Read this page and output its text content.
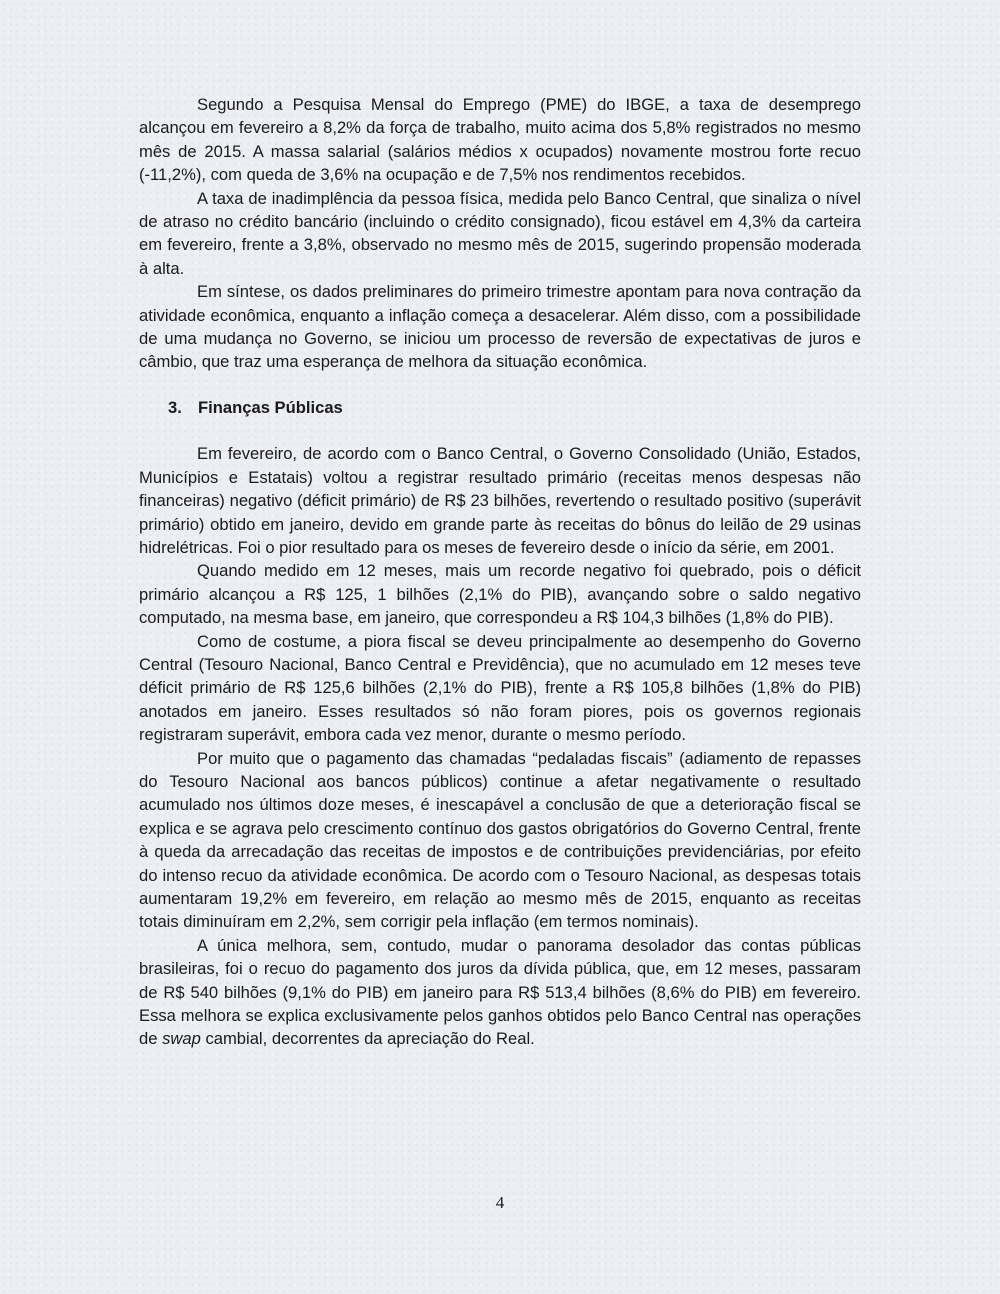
Segundo a Pesquisa Mensal do Emprego (PME) do IBGE, a taxa de desemprego alcançou em fevereiro a 8,2% da força de trabalho, muito acima dos 5,8% registrados no mesmo mês de 2015. A massa salarial (salários médios x ocupados) novamente mostrou forte recuo (-11,2%), com queda de 3,6% na ocupação e de 7,5% nos rendimentos recebidos.

A taxa de inadimplência da pessoa física, medida pelo Banco Central, que sinaliza o nível de atraso no crédito bancário (incluindo o crédito consignado), ficou estável em 4,3% da carteira em fevereiro, frente a 3,8%, observado no mesmo mês de 2015, sugerindo propensão moderada à alta.

Em síntese, os dados preliminares do primeiro trimestre apontam para nova contração da atividade econômica, enquanto a inflação começa a desacelerar. Além disso, com a possibilidade de uma mudança no Governo, se iniciou um processo de reversão de expectativas de juros e câmbio, que traz uma esperança de melhora da situação econômica.

3. Finanças Públicas

Em fevereiro, de acordo com o Banco Central, o Governo Consolidado (União, Estados, Municípios e Estatais) voltou a registrar resultado primário (receitas menos despesas não financeiras) negativo (déficit primário) de R$ 23 bilhões, revertendo o resultado positivo (superávit primário) obtido em janeiro, devido em grande parte às receitas do bônus do leilão de 29 usinas hidrelétricas. Foi o pior resultado para os meses de fevereiro desde o início da série, em 2001.

Quando medido em 12 meses, mais um recorde negativo foi quebrado, pois o déficit primário alcançou a R$ 125, 1 bilhões (2,1% do PIB), avançando sobre o saldo negativo computado, na mesma base, em janeiro, que correspondeu a R$ 104,3 bilhões (1,8% do PIB).

Como de costume, a piora fiscal se deveu principalmente ao desempenho do Governo Central (Tesouro Nacional, Banco Central e Previdência), que no acumulado em 12 meses teve déficit primário de R$ 125,6 bilhões (2,1% do PIB), frente a R$ 105,8 bilhões (1,8% do PIB) anotados em janeiro. Esses resultados só não foram piores, pois os governos regionais registraram superávit, embora cada vez menor, durante o mesmo período.

Por muito que o pagamento das chamadas “pedaladas fiscais” (adiamento de repasses do Tesouro Nacional aos bancos públicos) continue a afetar negativamente o resultado acumulado nos últimos doze meses, é inescapável a conclusão de que a deterioração fiscal se explica e se agrava pelo crescimento contínuo dos gastos obrigatórios do Governo Central, frente à queda da arrecadação das receitas de impostos e de contribuições previdenciárias, por efeito do intenso recuo da atividade econômica. De acordo com o Tesouro Nacional, as despesas totais aumentaram 19,2% em fevereiro, em relação ao mesmo mês de 2015, enquanto as receitas totais diminuíram em 2,2%, sem corrigir pela inflação (em termos nominais).

A única melhora, sem, contudo, mudar o panorama desolador das contas públicas brasileiras, foi o recuo do pagamento dos juros da dívida pública, que, em 12 meses, passaram de R$ 540 bilhões (9,1% do PIB) em janeiro para R$ 513,4 bilhões (8,6% do PIB) em fevereiro. Essa melhora se explica exclusivamente pelos ganhos obtidos pelo Banco Central nas operações de swap cambial, decorrentes da apreciação do Real.

4
